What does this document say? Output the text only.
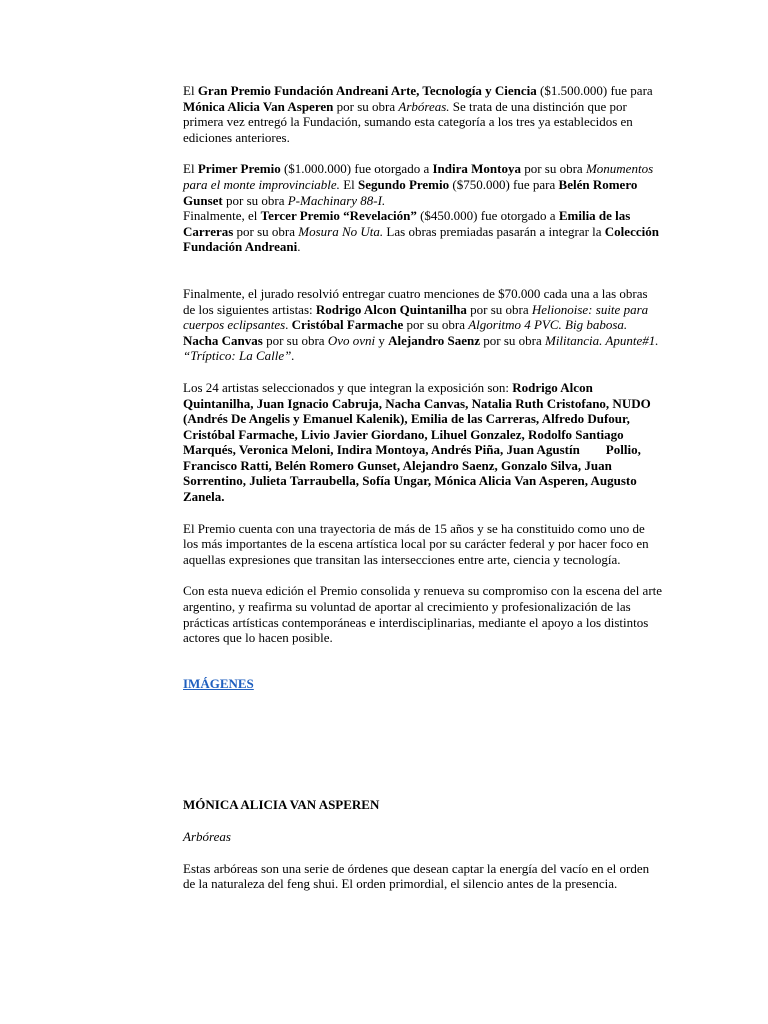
El Gran Premio Fundación Andreani Arte, Tecnología y Ciencia ($1.500.000) fue para Mónica Alicia Van Asperen por su obra Arbóreas. Se trata de una distinción que por primera vez entregó la Fundación, sumando esta categoría a los tres ya establecidos en ediciones anteriores.

El Primer Premio ($1.000.000) fue otorgado a Indira Montoya por su obra Monumentos para el monte improvinciable. El Segundo Premio ($750.000) fue para Belén Romero Gunset por su obra P-Machinary 88-I.
Finalmente, el Tercer Premio “Revelación” ($450.000) fue otorgado a Emilia de las Carreras por su obra Mosura No Uta. Las obras premiadas pasarán a integrar la Colección Fundación Andreani.

Finalmente, el jurado resolvió entregar cuatro menciones de $70.000 cada una a las obras de los siguientes artistas: Rodrigo Alcon Quintanilha por su obra Helionoise: suite para cuerpos eclipsantes. Cristóbal Farmache por su obra Algoritmo 4 PVC. Big babosa. Nacha Canvas por su obra Ovo ovni y Alejandro Saenz por su obra Militancia. Apunte#1. “Tríptico: La Calle”.

Los 24 artistas seleccionados y que integran la exposición son: Rodrigo Alcon Quintanilha, Juan Ignacio Cabruja, Nacha Canvas, Natalia Ruth Cristofano, NUDO (Andrés De Angelis y Emanuel Kalenik), Emilia de las Carreras, Alfredo Dufour, Cristóbal Farmache, Livio Javier Giordano, Lihuel Gonzalez, Rodolfo Santiago Marqués, Veronica Meloni, Indira Montoya, Andrés Piña, Juan Agustín        Pollio, Francisco Ratti, Belén Romero Gunset, Alejandro Saenz, Gonzalo Silva, Juan Sorrentino, Julieta Tarraubella, Sofía Ungar, Mónica Alicia Van Asperen, Augusto Zanela.

El Premio cuenta con una trayectoria de más de 15 años y se ha constituido como uno de los más importantes de la escena artística local por su carácter federal y por hacer foco en aquellas expresiones que transitan las intersecciones entre arte, ciencia y tecnología.

Con esta nueva edición el Premio consolida y renueva su compromiso con la escena del arte argentino, y reafirma su voluntad de aportar al crecimiento y profesionalización de las prácticas artísticas contemporáneas e interdisciplinarias, mediante el apoyo a los distintos actores que lo hacen posible.

IMÁGENES
MÓNICA ALICIA VAN ASPEREN
Arbóreas

Estas arbóreas son una serie de órdenes que desean captar la energía del vacío en el orden de la naturaleza del feng shui. El orden primordial, el silencio antes de la presencia.
